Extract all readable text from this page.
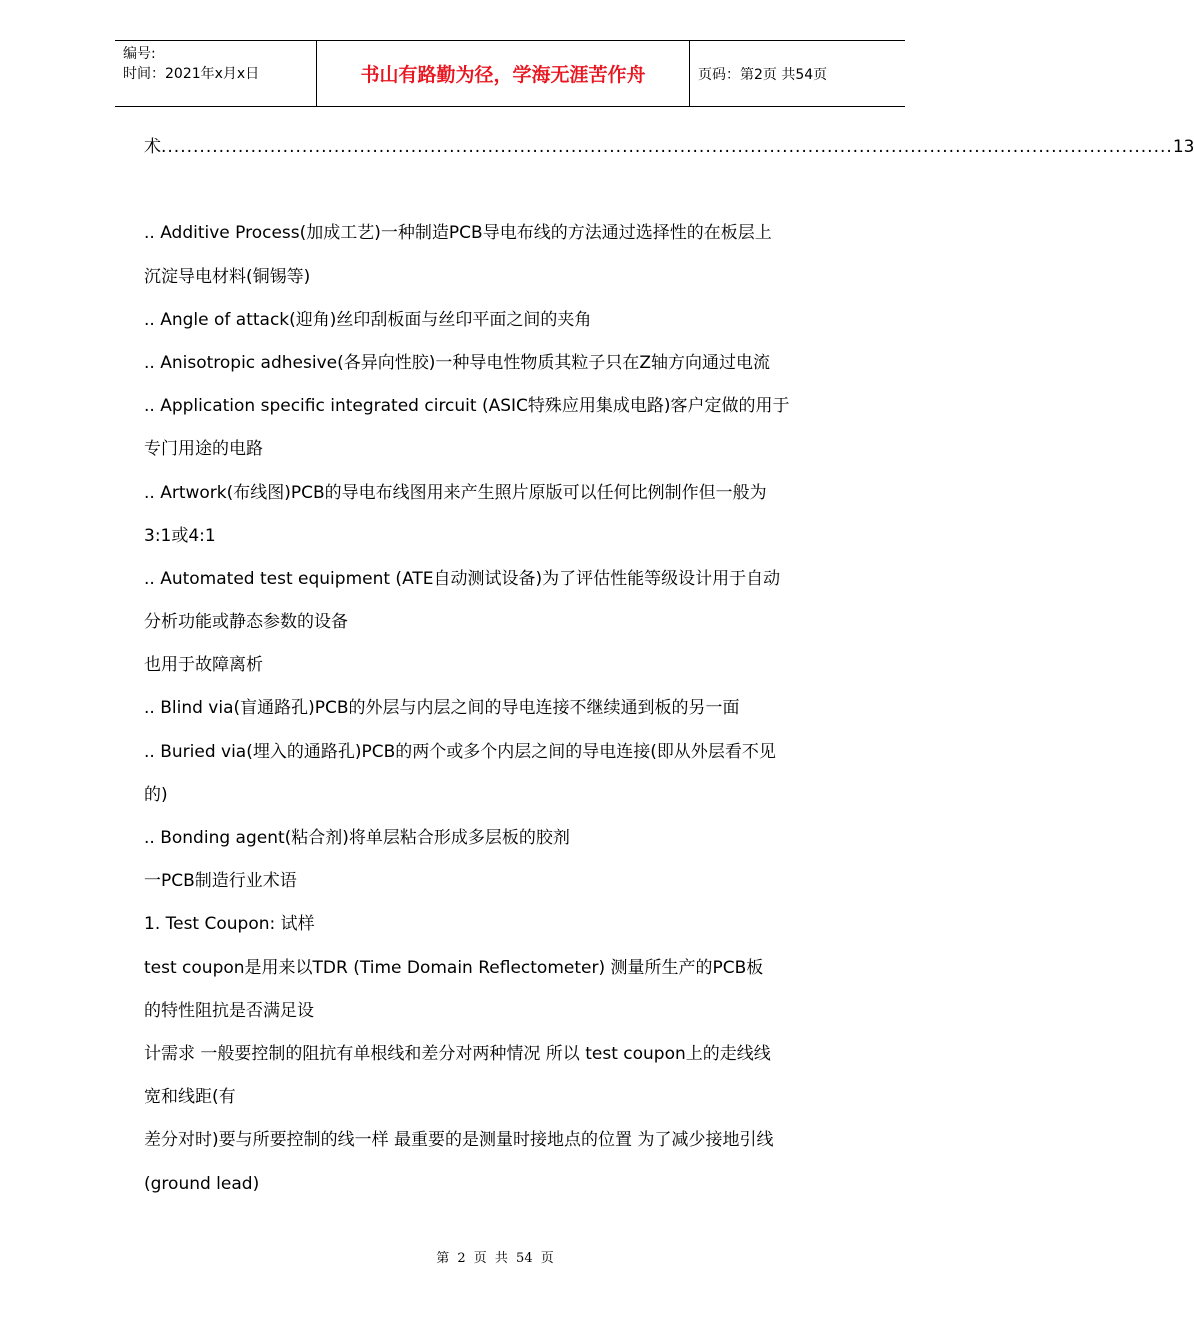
编号:
时间：2021年x月x日	书山有路勤为径，学海无涯苦作舟	页码：第2页 共54页
术 .............................................................................................................................................................. 13
.. Additive Process(加成工艺)一种制造PCB导电布线的方法通过选择性的在板层上
沉淀导电材料(铜锡等)
.. Angle of attack(迎角)丝印刮板面与丝印平面之间的夹角
.. Anisotropic adhesive(各异向性胶)一种导电性物质其粒子只在Z轴方向通过电流
.. Application specific integrated circuit (ASIC特殊应用集成电路)客户定做的用于
专门用途的电路
.. Artwork(布线图)PCB的导电布线图用来产生照片原版可以任何比例制作但一般为
3:1或4:1
.. Automated test equipment (ATE自动测试设备)为了评估性能等级设计用于自动
分析功能或静态参数的设备
也用于故障离析
.. Blind via(盲通路孔)PCB的外层与内层之间的导电连接不继续通到板的另一面
.. Buried via(埋入的通路孔)PCB的两个或多个内层之间的导电连接(即从外层看不见
的)
.. Bonding agent(粘合剂)将单层粘合形成多层板的胶剂
一PCB制造行业术语
1. Test Coupon: 试样
test coupon是用来以TDR (Time Domain Reflectometer) 测量所生产的PCB板
的特性阻抗是否满足设
计需求 一般要控制的阻抗有单根线和差分对两种情况 所以 test coupon上的走线线
宽和线距(有
差分对时)要与所要控制的线一样 最重要的是测量时接地点的位置 为了减少接地引线
(ground lead)
第 2 页 共 54 页
